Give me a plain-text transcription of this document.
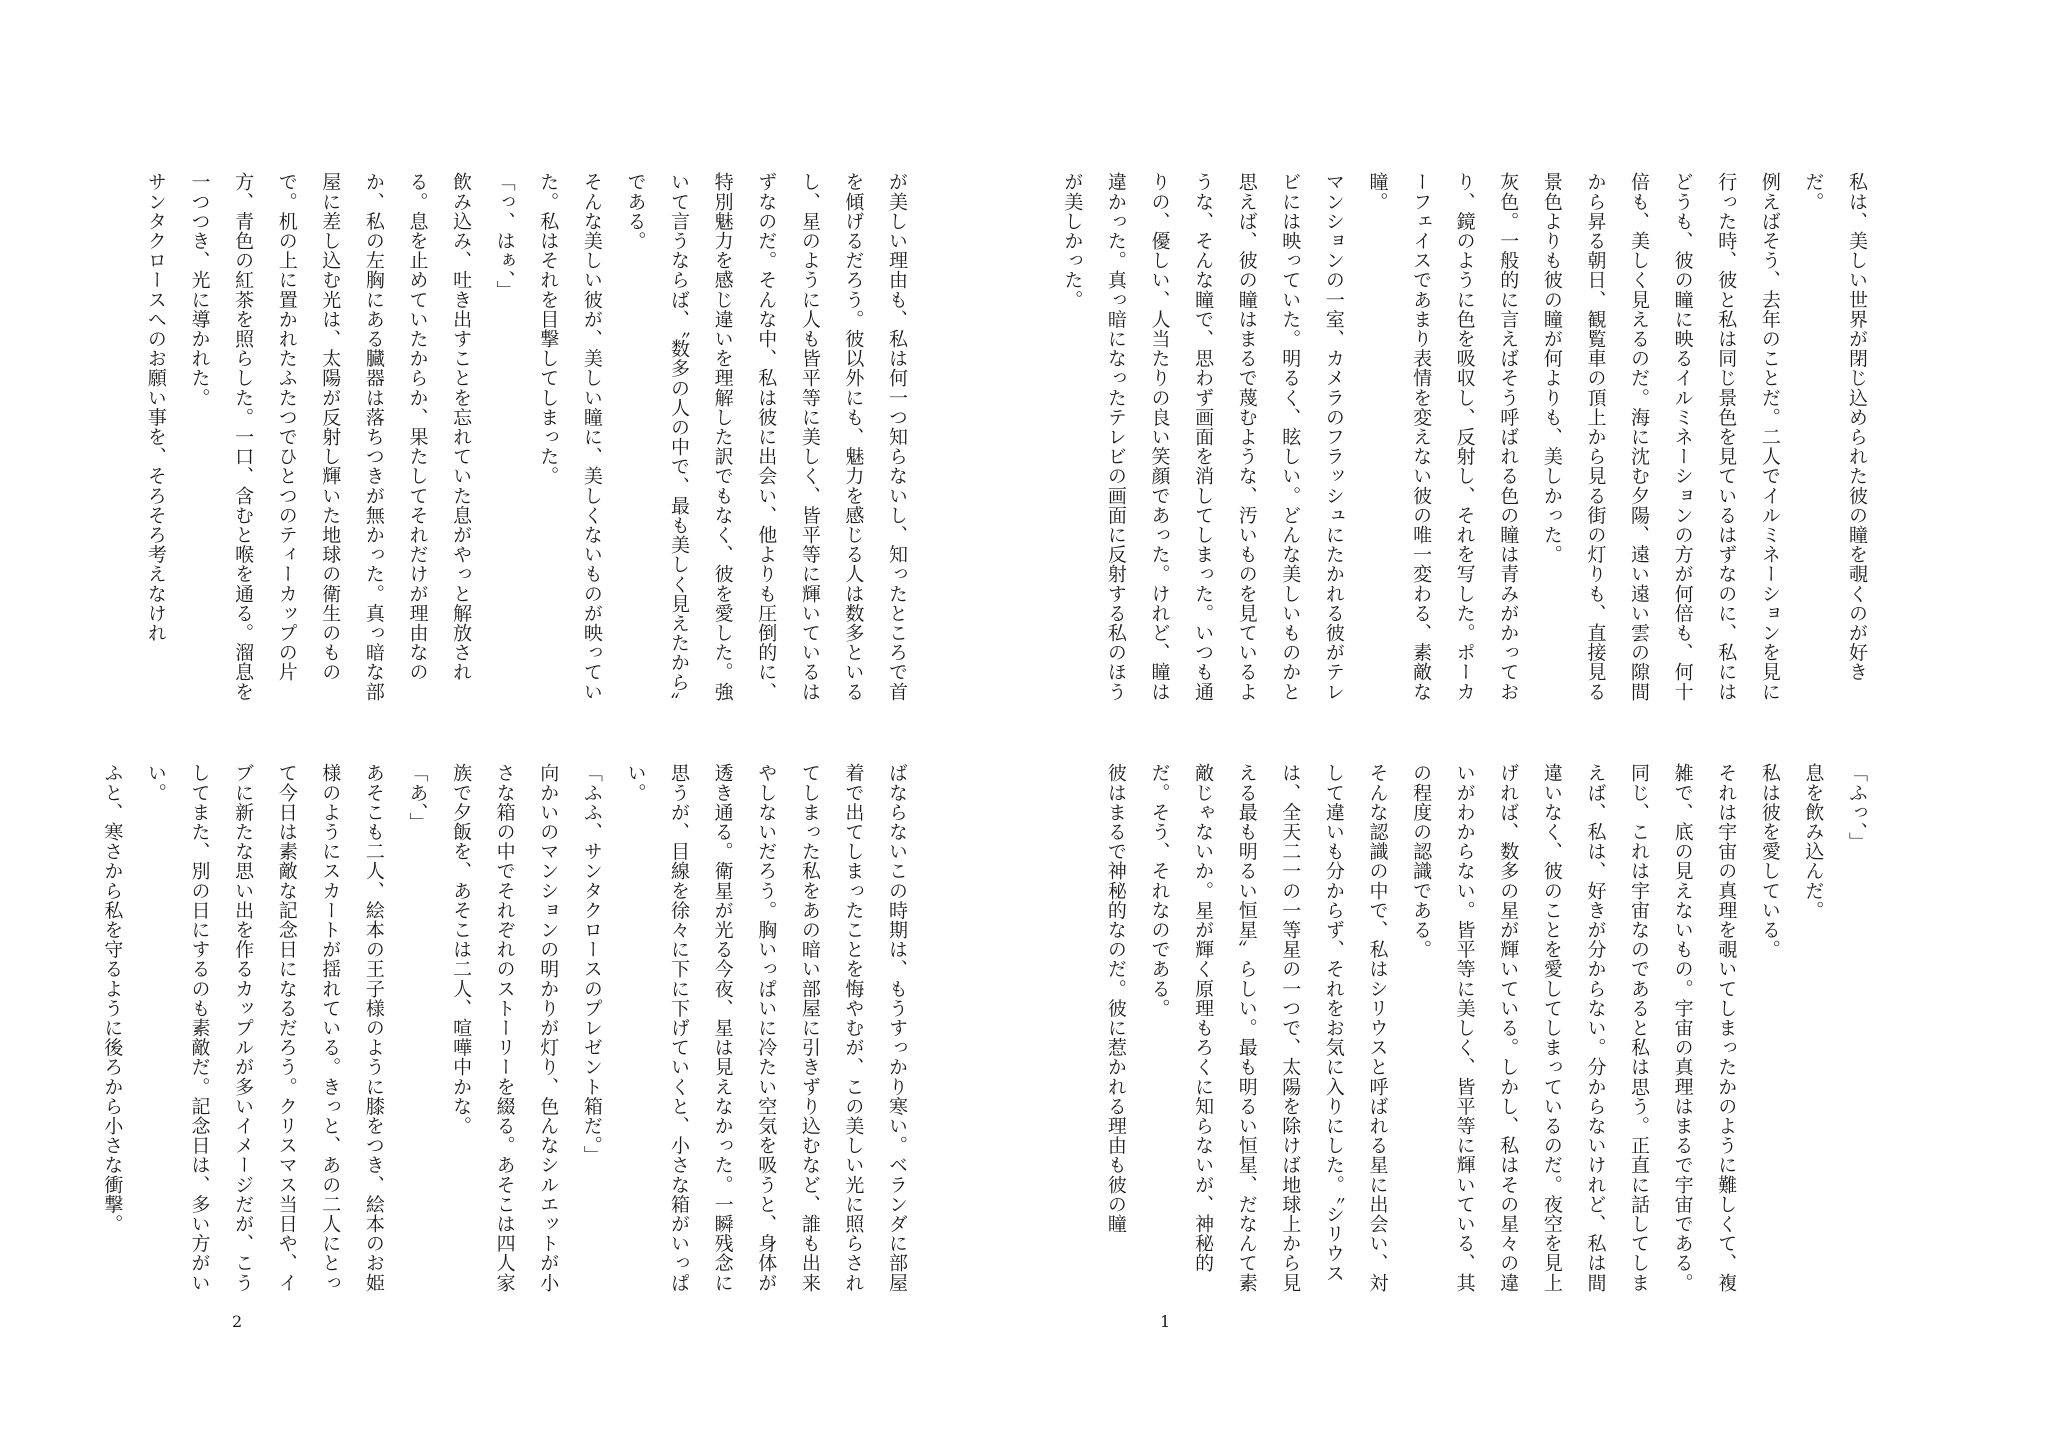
私は、美しい世界が閉じ込められた彼の瞳を覗くのが好きだ。

例えばそう、去年のことだ。二人でイルミネーションを見に行った時、彼と私は同じ景色を見ているはずなのに、私にはどうも、彼の瞳に映るイルミネーションの方が何倍も、何十倍も、美しく見えるのだ。海に沈む夕陽、遠い遠い雲の隙間から昇る朝日、観覧車の頂上から見る街の灯りも、直接見る景色よりも彼の瞳が何よりも、美しかった。

灰色。一般的に言えばそう呼ばれる色の瞳は青みがかっており、鏡のように色を吸収し、反射し、それを写した。ポーカーフェイスであまり表情を変えない彼の唯一変わる、素敵な瞳。

マンションの一室、カメラのフラッシュにたかれる彼がテレビには映っていた。明るく、眩しい。どんな美しいものかと思えば、彼の瞳はまるで蔑むような、汚いものを見ているような、そんな瞳で、思わず画面を消してしまった。いつも通りの、優しい、人当たりの良い笑顔であった。けれど、瞳は違かった。真っ暗になったテレビの画面に反射する私のほうが美しかった。

「ふっ、」

息を飲み込んだ。

私は彼を愛している。

それは宇宙の真理を覗いてしまったかのように難しくて、複雑で、底の見えないもの。宇宙の真理はまるで宇宙である。同じ、これは宇宙なのであると私は思う。正直に話してしまえば、私は、好きが分からない。分からないけれど、私は間違いなく、彼のことを愛してしまっているのだ。夜空を見上げれば、数多の星が輝いている。しかし、私はその星々の違いがわからない。皆平等に美しく、皆平等に輝いている、其の程度の認識である。

そんな認識の中で、私はシリウスと呼ばれる星に出会い、対して違いも分からず、それをお気に入りにした。〝シリウスは、全天二一の一等星の一つで、太陽を除けば地球上から見える最も明るい恒星〟らしい。最も明るい恒星、だなんて素敵じゃないか。星が輝く原理もろくに知らないが、神秘的だ。そう、それなのである。

彼はまるで神秘的なのだ。彼に惹かれる理由も彼の瞳

1

が美しい理由も、私は何一つ知らないし、知ったところで首を傾げるだろう。彼以外にも、魅力を感じる人は数多といるし、星のように人も皆平等に美しく、皆平等に輝いているはずなのだ。そんな中、私は彼に出会い、他よりも圧倒的に、特別魅力を感じ違いを理解した訳でもなく、彼を愛した。強いて言うならば、〝数多の人の中で、最も美しく見えたから〟である。

そんな美しい彼が、美しい瞳に、美しくないものが映っていた。私はそれを目撃してしまった。

「っ、はぁ、」

飲み込み、吐き出すことを忘れていた息がやっと解放される。息を止めていたからか、果たしてそれだけが理由なのか、私の左胸にある臓器は落ちつきが無かった。真っ暗な部屋に差し込む光は、太陽が反射し輝いた地球の衛生のもので。机の上に置かれたふたつでひとつのティーカップの片方、青色の紅茶を照らした。一口、含むと喉を通る。溜息を一つつき、光に導かれた。

サンタクロースへのお願い事を、そろそろ考えなけれ

ばならないこの時期は、もうすっかり寒い。ベランダに部屋着で出てしまったことを悔やむが、この美しい光に照らされてしまった私をあの暗い部屋に引きずり込むなど、誰も出来やしないだろう。胸いっぱいに冷たい空気を吸うと、身体が透き通る。衛星が光る今夜、星は見えなかった。一瞬残念に思うが、目線を徐々に下に下げていくと、小さな箱がいっぱい。

「ふふ、サンタクロースのプレゼント箱だ。」

向かいのマンションの明かりが灯り、色んなシルエットが小さな箱の中でそれぞれのストーリーを綴る。あそこは四人家族で夕飯を、あそこは二人、喧嘩中かな。

「あ、」

あそこも二人、絵本の王子様のように膝をつき、絵本のお姫様のようにスカートが揺れている。きっと、あの二人にとって今日は素敵な記念日になるだろう。クリスマス当日や、イブに新たな思い出を作るカップルが多いイメージだが、こうしてまた、別の日にするのも素敵だ。記念日は、多い方がいい。

ふと、寒さから私を守るように後ろから小さな衝撃。

2
